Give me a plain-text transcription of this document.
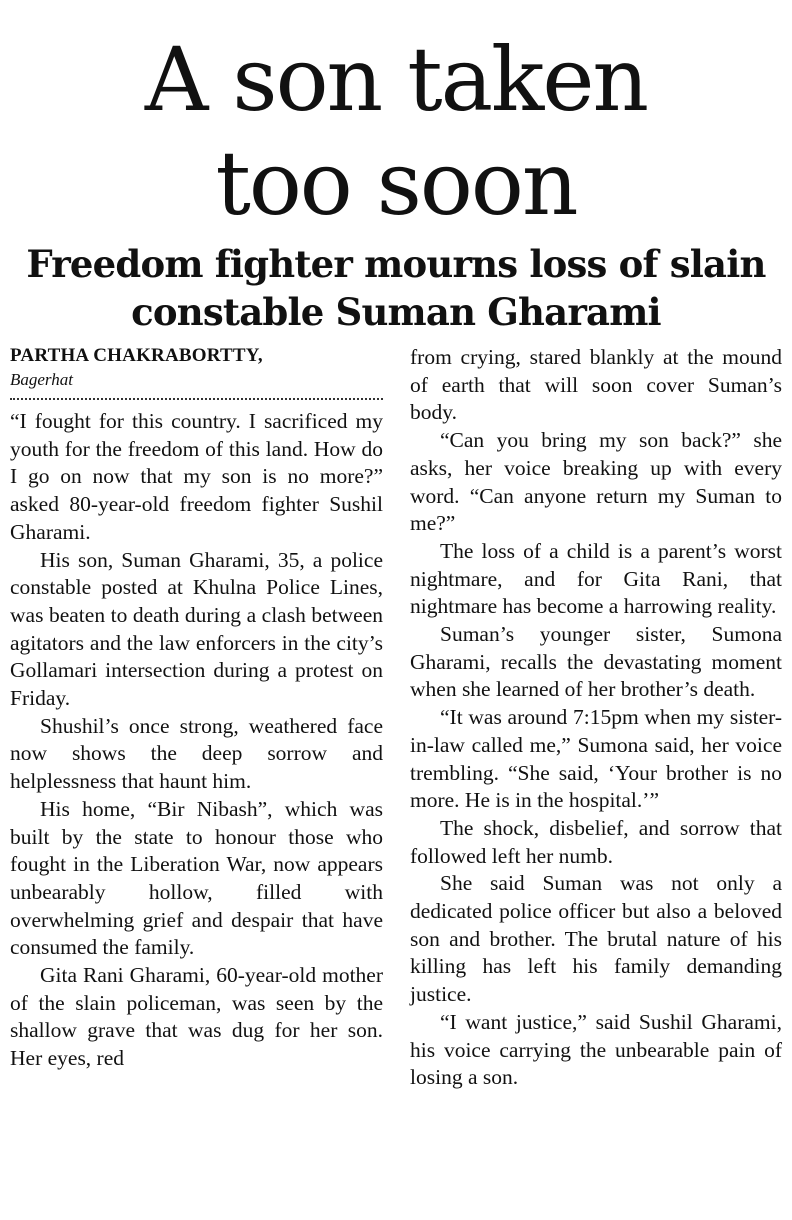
A son taken
too soon
Freedom fighter mourns loss of slain
constable Suman Gharami
PARTHA CHAKRABORTTY,
Bagerhat

“I fought for this country. I sacrificed my youth for the freedom of this land. How do I go on now that my son is no more?” asked 80-year-old freedom fighter Sushil Gharami.

His son, Suman Gharami, 35, a police constable posted at Khulna Police Lines, was beaten to death during a clash between agitators and the law enforcers in the city’s Gollamari intersection during a protest on Friday.

Shushil’s once strong, weathered face now shows the deep sorrow and helplessness that haunt him.

His home, “Bir Nibash”, which was built by the state to honour those who fought in the Liberation War, now appears unbearably hollow, filled with overwhelming grief and despair that have consumed the family.

Gita Rani Gharami, 60-year-old mother of the slain policeman, was seen by the shallow grave that was dug for her son. Her eyes, red

from crying, stared blankly at the mound of earth that will soon cover Suman’s body.

“Can you bring my son back?” she asks, her voice breaking up with every word. “Can anyone return my Suman to me?”

The loss of a child is a parent’s worst nightmare, and for Gita Rani, that nightmare has become a harrowing reality.

Suman’s younger sister, Sumona Gharami, recalls the devastating moment when she learned of her brother’s death.

“It was around 7:15pm when my sister-in-law called me,” Sumona said, her voice trembling. “She said, ‘Your brother is no more. He is in the hospital.’”

The shock, disbelief, and sorrow that followed left her numb.

She said Suman was not only a dedicated police officer but also a beloved son and brother. The brutal nature of his killing has left his family demanding justice.

“I want justice,” said Sushil Gharami, his voice carrying the unbearable pain of losing a son.
